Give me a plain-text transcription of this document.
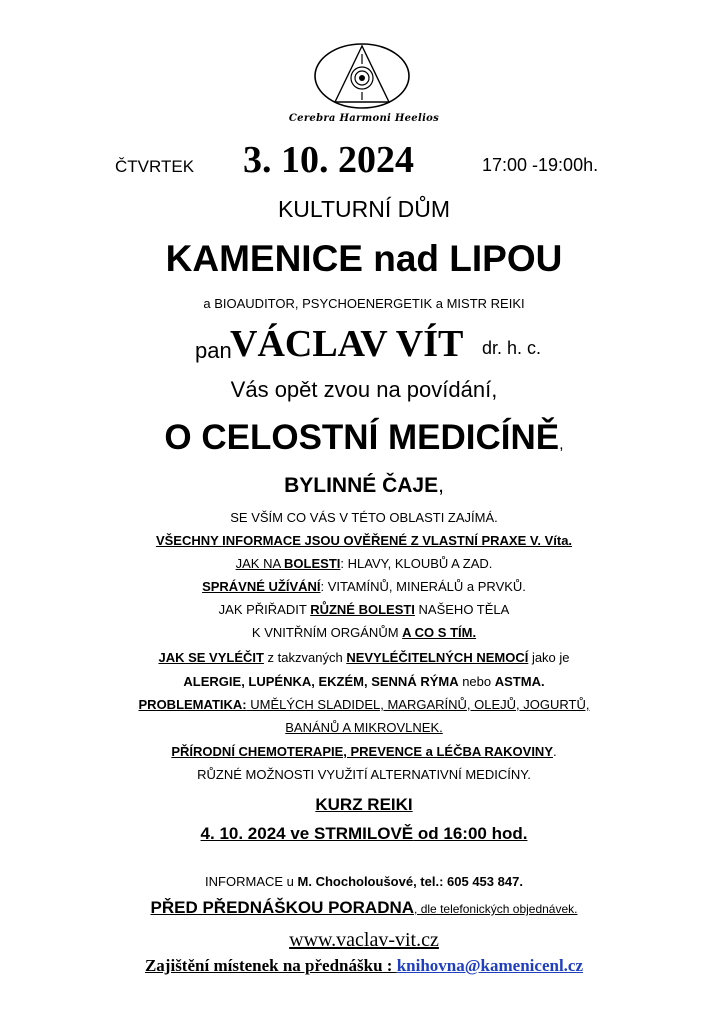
Cerebra Harmoni Heelios
ČTVRTEK 3. 10. 2024	17:00 -19:00h.
KULTURNÍ DŮM
KAMENICE nad LIPOU
a BIOAUDITOR, PSYCHOENERGETIK a MISTR REIKI
pan
VÁCLAV VÍT dr. h. c.
Vás opět zvou na povídání,
O CELOSTNÍ MEDICÍNĚ,
BYLINNÉ ČAJE,
SE VŠÍM CO VÁS V TÉTO OBLASTI ZAJÍMÁ.
VŠECHNY INFORMACE JSOU OVĚŘENÉ Z VLASTNÍ PRAXE V. Víta.
JAK NA BOLESTI: HLAVY, KLOUBŮ A ZAD.
SPRÁVNÉ UŽÍVÁNÍ: VITAMÍNŮ, MINERÁLŮ a PRVKŮ.
JAK PŘIŘADIT RŮZNÉ BOLESTI NAŠEHO TĚLA
K VNITŘNÍM ORGÁNŮM A CO S TÍM.
JAK SE VYLÉČIT z takzvaných NEVYLÉČITELNÝCH NEMOCÍ jako je
ALERGIE, LUPÉNKA, EKZÉM, SENNÁ RÝMA nebo ASTMA.
PROBLEMATIKA: UMĚLÝCH SLADIDEL, MARGARÍNŮ, OLEJŮ, JOGURTŮ,
BANÁNŮ A MIKROVLNEK.
PŘÍRODNÍ CHEMOTERAPIE, PREVENCE a LÉČBA RAKOVINY.
RŮZNÉ MOŽNOSTI VYUŽITÍ ALTERNATIVNÍ MEDICÍNY.
KURZ REIKI
4. 10. 2024 ve STRMILOVĚ od 16:00 hod.
INFORMACE u M. Chocholoušové, tel.: 605 453 847.
PŘED PŘEDNÁŠKOU PORADNA, dle telefonických objednávek.
www.vaclav-vit.cz
Zajištění místenek na přednášku : knihovna@kamenicenl.cz
